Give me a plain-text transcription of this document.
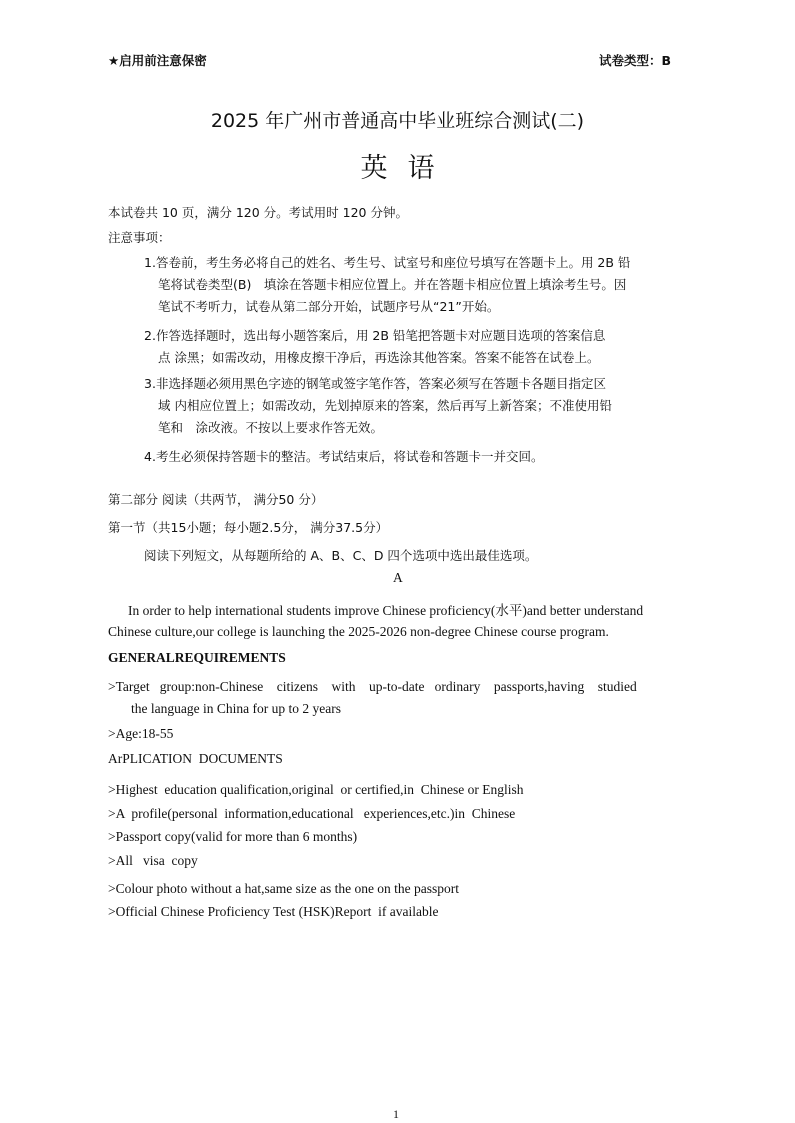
★启用前注意保密	试卷类型：B
2025 年广州市普通高中毕业班综合测试(二)
英语
本试卷共 10 页，满分 120 分。考试用时 120 分钟。
注意事项：
1.答卷前，考生务必将自己的姓名、考生号、试室号和座位号填写在答题卡上。用 2B 铅
笔将试卷类型(B)　填涂在答题卡相应位置上。并在答题卡相应位置上填涂考生号。因
笔试不考听力，试卷从第二部分开始，试题序号从“21”开始。
2.作答选择题时，选出每小题答案后，用 2B 铅笔把答题卡对应题目选项的答案信息
点 涂黑；如需改动，用橡皮擦干净后，再选涂其他答案。答案不能答在试卷上。
3.非选择题必须用黑色字迹的钢笔或签字笔作答，答案必须写在答题卡各题目指定区
域 内相应位置上；如需改动，先划掉原来的答案，然后再写上新答案；不准使用铅
笔和　涂改液。不按以上要求作答无效。
4.考生必须保持答题卡的整洁。考试结束后，将试卷和答题卡一并交回。
第二部分 阅读（共两节， 满分50 分）
第一节（共15小题；每小题2.5分， 满分37.5分）
阅读下列短文，从每题所给的 A、B、C、D 四个选项中选出最佳选项。
A
In order to help international students improve Chinese proficiency(水平)and better understand
Chinese culture,our college is launching the 2025-2026 non-degree Chinese course program.
GENERALREQUIREMENTS
>Target   group:non-Chinese    citizens    with    up-to-date   ordinary    passports,having    studied
the language in China for up to 2 years
>Age:18-55
ArPLICATION  DOCUMENTS
>Highest  education qualification,original  or certified,in  Chinese or English
>A  profile(personal  information,educational   experiences,etc.)in  Chinese
>Passport copy(valid for more than 6 months)
>All   visa  copy
>Colour photo without a hat,same size as the one on the passport
>Official Chinese Proficiency Test (HSK)Report  if available
1
